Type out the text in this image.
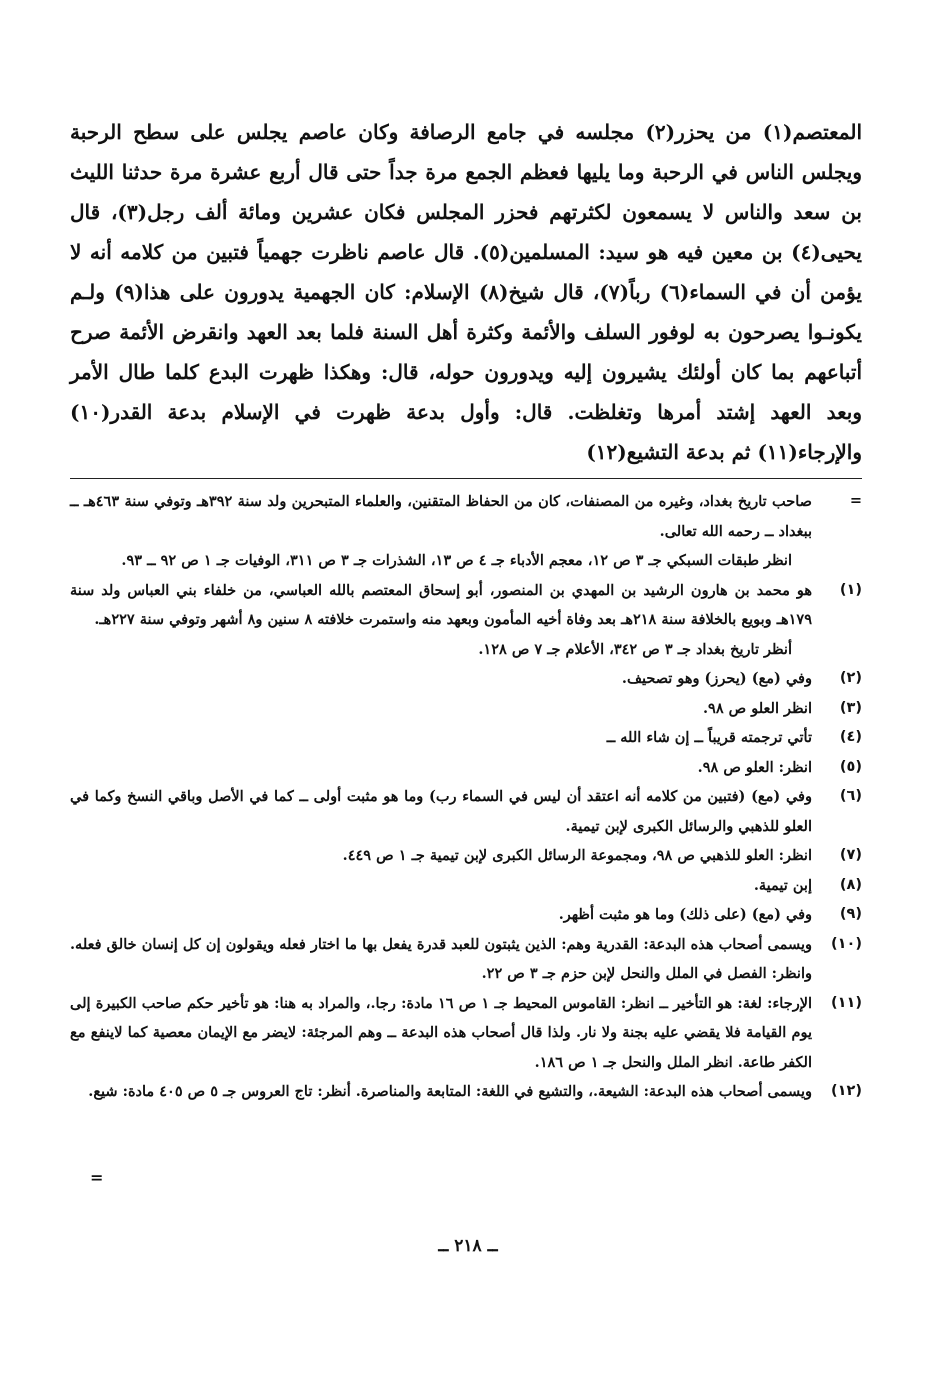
المعتصم(١) من يحزر(٢) مجلسه في جامع الرصافة وكان عاصم يجلس على سطح الرحبة ويجلس الناس في الرحبة وما يليها فعظم الجمع مرة جداً حتى قال أربع عشرة مرة حدثنا الليث بن سعد والناس لا يسمعون لكثرتهم فحزر المجلس فكان عشرين ومائة ألف رجل(٣)، قال يحيى(٤) بن معين فيه هو سيد: المسلمين(٥). قال عاصم ناظرت جهمياً فتبين من كلامه أنه لا يؤمن أن في السماء(٦) رباً(٧)، قال شيخ(٨) الإسلام: كان الجهمية يدورون على هذا(٩) ولـم يكونـوا يصرحون به لوفور السلف والأئمة وكثرة أهل السنة فلما بعد العهد وانقرض الأئمة صرح أتباعهم بما كان أولئك يشيرون إليه ويدورون حوله، قال: وهكذا ظهرت البدع كلما طال الأمر وبعد العهد إشتد أمرها وتغلظت. قال: وأول بدعة ظهرت في الإسلام بدعة القدر(١٠) والإرجاء(١١) ثم بدعة التشيع(١٢)

=
صاحب تاريخ بغداد، وغيره من المصنفات، كان من الحفاظ المتقنين، والعلماء المتبحرين ولد سنة ٣٩٢هـ وتوفي سنة ٤٦٣هـ ــ ببغداد ــ رحمه الله تعالى.
انظر طبقات السبكي جـ ٣ ص ١٢، معجم الأدباء جـ ٤ ص ١٣، الشذرات جـ ٣ ص ٣١١، الوفيات جـ ١ ص ٩٢ ــ ٩٣.
(١)
هو محمد بن هارون الرشيد بن المهدي بن المنصور، أبو إسحاق المعتصم بالله العباسي، من خلفاء بني العباس ولد سنة ١٧٩هـ وبويع بالخلافة سنة ٢١٨هـ بعد وفاة أخيه المأمون وبعهد منه واستمرت خلافته ٨ سنين و٨ أشهر وتوفي سنة ٢٢٧هـ.
أنظر تاريخ بغداد جـ ٣ ص ٣٤٢، الأعلام جـ ٧ ص ١٢٨.
(٢)
وفي (مع) (يحرز) وهو تصحيف.
(٣)
انظر العلو ص ٩٨.
(٤)
تأتي ترجمته قريباً ــ إن شاء الله ــ
(٥)
انظر: العلو ص ٩٨.
(٦)
وفي (مع) (فتبين من كلامه أنه اعتقد أن ليس في السماء رب) وما هو مثبت أولى ــ كما في الأصل وباقي النسخ وكما في العلو للذهبي والرسائل الكبرى لإبن تيمية.
(٧)
انظر: العلو للذهبي ص ٩٨، ومجموعة الرسائل الكبرى لإبن تيمية جـ ١ ص ٤٤٩.
(٨)
إبن تيمية.
(٩)
وفي (مع) (على ذلك) وما هو مثبت أظهر.
(١٠)
ويسمى أصحاب هذه البدعة: القدرية وهم: الذين يثبتون للعبد قدرة يفعل بها ما اختار فعله ويقولون إن كل إنسان خالق فعله. وانظر: الفصل في الملل والنحل لإبن حزم جـ ٣ ص ٢٢.
(١١)
الإرجاء: لغة: هو التأخير ــ انظر: القاموس المحيط جـ ١ ص ١٦ مادة: رجا.، والمراد به هنا: هو تأخير حكم صاحب الكبيرة إلى يوم القيامة فلا يقضي عليه بجنة ولا نار. ولذا قال أصحاب هذه البدعة ــ وهم المرجئة: لايضر مع الإيمان معصية كما لاينفع مع الكفر طاعة. انظر الملل والنحل جـ ١ ص ١٨٦.
(١٢)
ويسمى أصحاب هذه البدعة: الشيعة.، والتشيع في اللغة: المتابعة والمناصرة. أنظر: تاج العروس جـ ٥ ص ٤٠٥ مادة: شيع.
=
ــ ٢١٨ ــ
